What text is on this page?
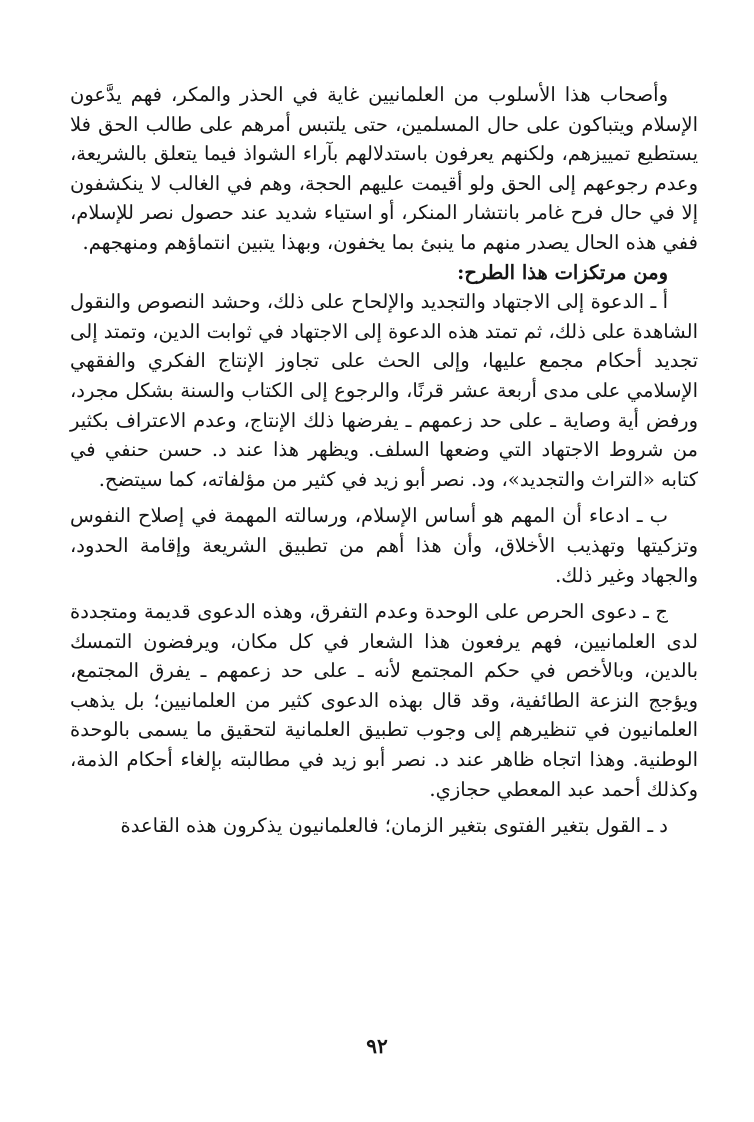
وأصحاب هذا الأسلوب من العلمانيين غاية في الحذر والمكر، فهم يدَّعون الإسلام ويتباكون على حال المسلمين، حتى يلتبس أمرهم على طالب الحق فلا يستطيع تمييزهم، ولكنهم يعرفون باستدلالهم بآراء الشواذ فيما يتعلق بالشريعة، وعدم رجوعهم إلى الحق ولو أقيمت عليهم الحجة، وهم في الغالب لا ينكشفون إلا في حال فرح غامر بانتشار المنكر، أو استياء شديد عند حصول نصر للإسلام، ففي هذه الحال يصدر منهم ما ينبئ بما يخفون، وبهذا يتبين انتماؤهم ومنهجهم.

ومن مرتكزات هذا الطرح:

أ ـ الدعوة إلى الاجتهاد والتجديد والإلحاح على ذلك، وحشد النصوص والنقول الشاهدة على ذلك، ثم تمتد هذه الدعوة إلى الاجتهاد في ثوابت الدين، وتمتد إلى تجديد أحكام مجمع عليها، وإلى الحث على تجاوز الإنتاج الفكري والفقهي الإسلامي على مدى أربعة عشر قرنًا، والرجوع إلى الكتاب والسنة بشكل مجرد، ورفض أية وصاية ـ على حد زعمهم ـ يفرضها ذلك الإنتاج، وعدم الاعتراف بكثير من شروط الاجتهاد التي وضعها السلف. ويظهر هذا عند د. حسن حنفي في كتابه «التراث والتجديد»، ود. نصر أبو زيد في كثير من مؤلفاته، كما سيتضح.

ب ـ ادعاء أن المهم هو أساس الإسلام، ورسالته المهمة في إصلاح النفوس وتزكيتها وتهذيب الأخلاق، وأن هذا أهم من تطبيق الشريعة وإقامة الحدود، والجهاد وغير ذلك.

ج ـ دعوى الحرص على الوحدة وعدم التفرق، وهذه الدعوى قديمة ومتجددة لدى العلمانيين، فهم يرفعون هذا الشعار في كل مكان، ويرفضون التمسك بالدين، وبالأخص في حكم المجتمع لأنه ـ على حد زعمهم ـ يفرق المجتمع، ويؤجج النزعة الطائفية، وقد قال بهذه الدعوى كثير من العلمانيين؛ بل يذهب العلمانيون في تنظيرهم إلى وجوب تطبيق العلمانية لتحقيق ما يسمى بالوحدة الوطنية. وهذا اتجاه ظاهر عند د. نصر أبو زيد في مطالبته بإلغاء أحكام الذمة، وكذلك أحمد عبد المعطي حجازي.

د ـ القول بتغير الفتوى بتغير الزمان؛ فالعلمانيون يذكرون هذه القاعدة

٩٢
